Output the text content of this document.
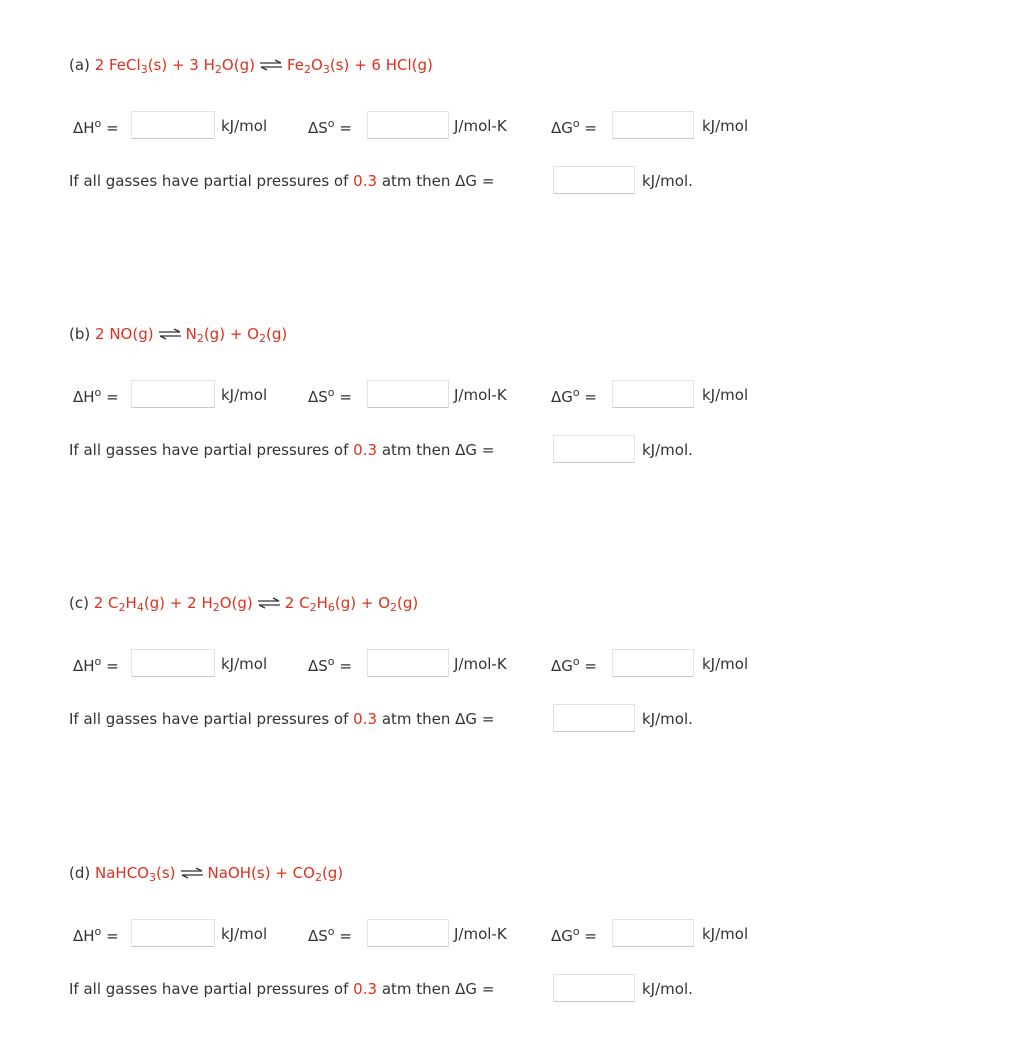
(a) 2 FeCl$_3$(s) + 3 $H_2O(g)$ ⇌ $Fe_2O_3(s) + 6$ HCl(g)
$\Delta H^o$ =	kJ/mol	$\Delta S^o$ =	J/mol-K	$\Delta G^o$ =	kJ/mol
If all gasses have partial pressures of 0.3 atm then ΔG =	kJ/mol.
(b) 2 NO(g) ⇌ $N_2(g) + O_2(g)$
$\Delta H^o$ =	kJ/mol	$\Delta S^o$ =	J/mol-K	$\Delta G^o$ =	kJ/mol
If all gasses have partial pressures of 0.3 atm then ΔG =	kJ/mol.
(c) 2 $C_2H_4(g) + 2$ $H_2O(g)$ ⇌ 2 $C_2H_6(g) + O_2(g)$
$\Delta H^o$ =	kJ/mol	$\Delta S^o$ =	J/mol-K	$\Delta G^o$ =	kJ/mol
If all gasses have partial pressures of 0.3 atm then ΔG =	kJ/mol.
(d) NaHCO$_3$(s) ⇌ NaOH(s) + $CO_2(g)$
$\Delta H^o$ =	kJ/mol	$\Delta S^o$ =	J/mol-K	$\Delta G^o$ =	kJ/mol
If all gasses have partial pressures of 0.3 atm then ΔG =	kJ/mol.
